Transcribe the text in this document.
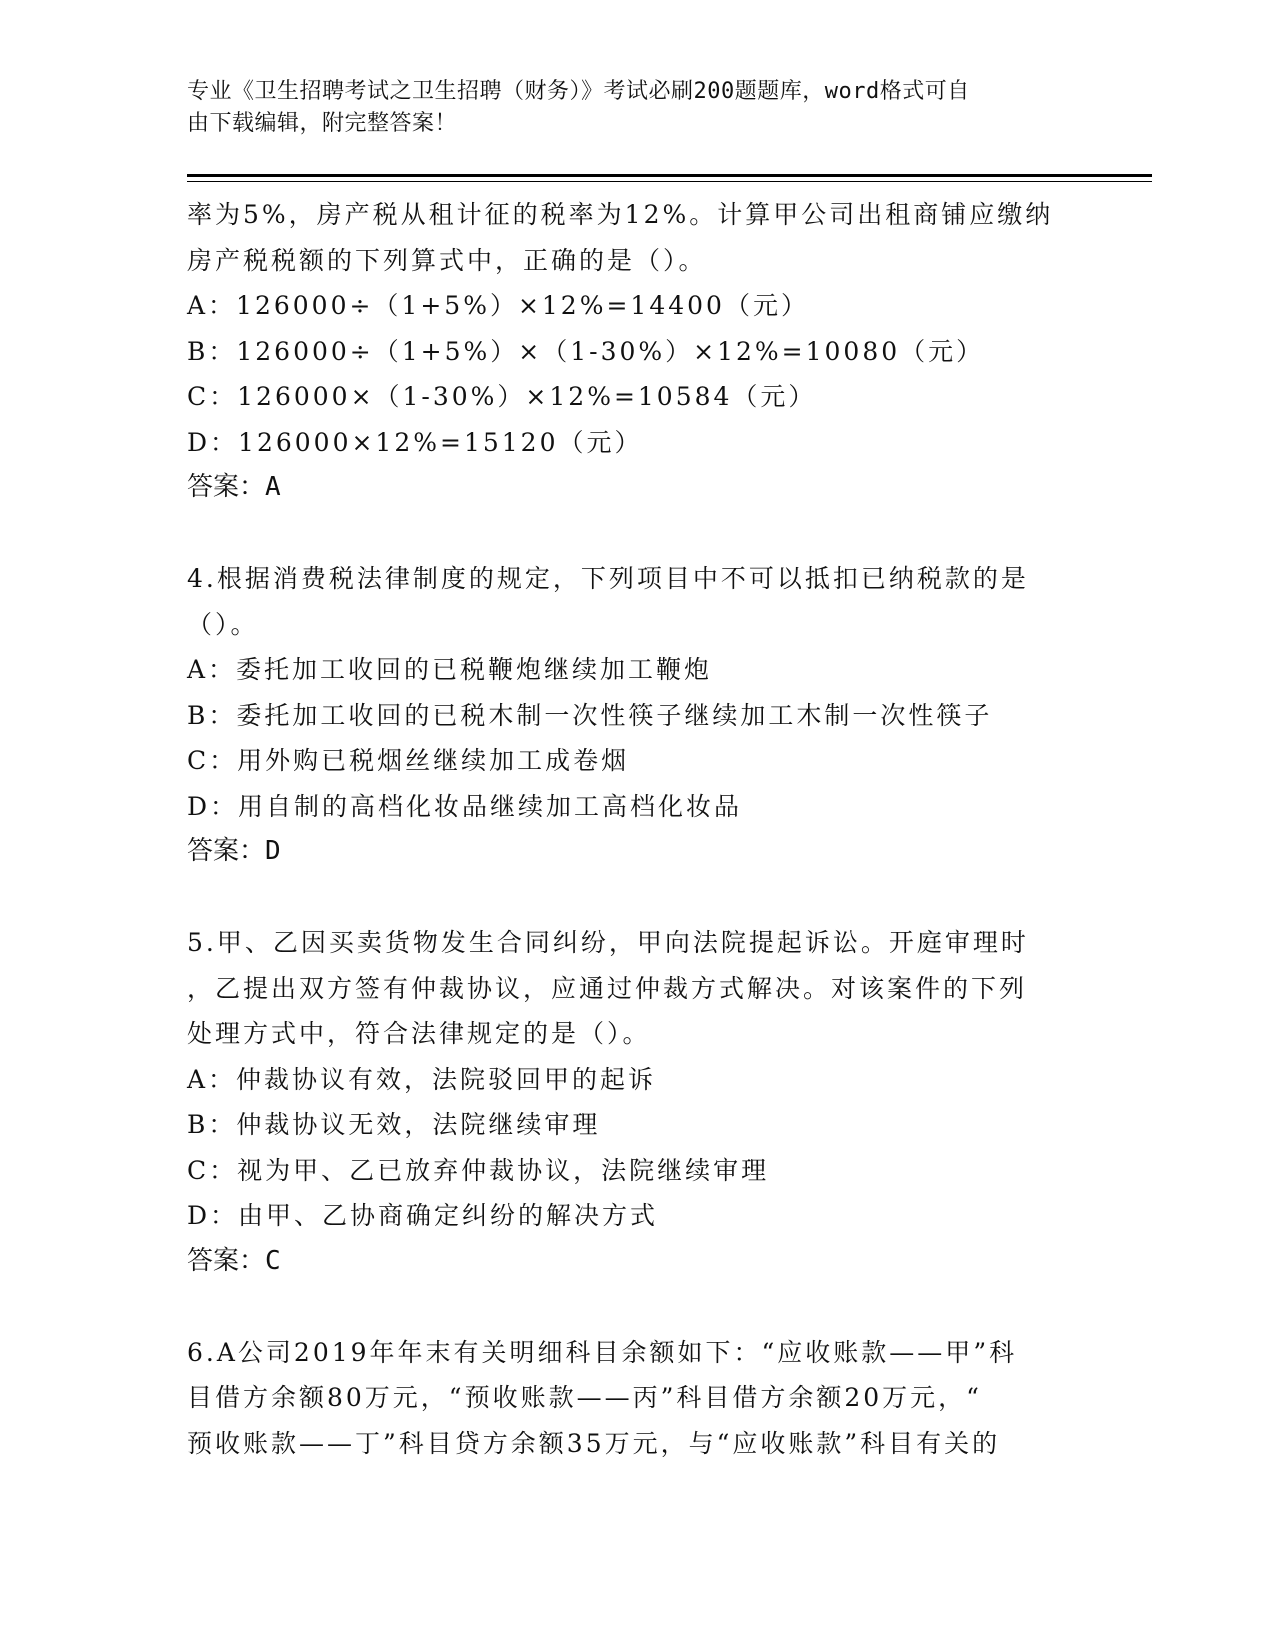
专业《卫生招聘考试之卫生招聘（财务）》考试必刷200题题库，word格式可自
由下载编辑，附完整答案！
率为5%，房产税从租计征的税率为12%。计算甲公司出租商铺应缴纳
房产税税额的下列算式中，正确的是（）。
A：126000÷（1+5%）×12%=14400（元）
B：126000÷（1+5%）×（1-30%）×12%=10080（元）
C：126000×（1-30%）×12%=10584（元）
D：126000×12%=15120（元）
答案：A
4.根据消费税法律制度的规定，下列项目中不可以抵扣已纳税款的是
（）。
A：委托加工收回的已税鞭炮继续加工鞭炮
B：委托加工收回的已税木制一次性筷子继续加工木制一次性筷子
C：用外购已税烟丝继续加工成卷烟
D：用自制的高档化妆品继续加工高档化妆品
答案：D
5.甲、乙因买卖货物发生合同纠纷，甲向法院提起诉讼。开庭审理时
，乙提出双方签有仲裁协议，应通过仲裁方式解决。对该案件的下列
处理方式中，符合法律规定的是（）。
A：仲裁协议有效，法院驳回甲的起诉
B：仲裁协议无效，法院继续审理
C：视为甲、乙已放弃仲裁协议，法院继续审理
D：由甲、乙协商确定纠纷的解决方式
答案：C
6.A公司2019年年末有关明细科目余额如下：“应收账款——甲”科
目借方余额80万元，“预收账款——丙”科目借方余额20万元，“
预收账款——丁”科目贷方余额35万元，与“应收账款”科目有关的
